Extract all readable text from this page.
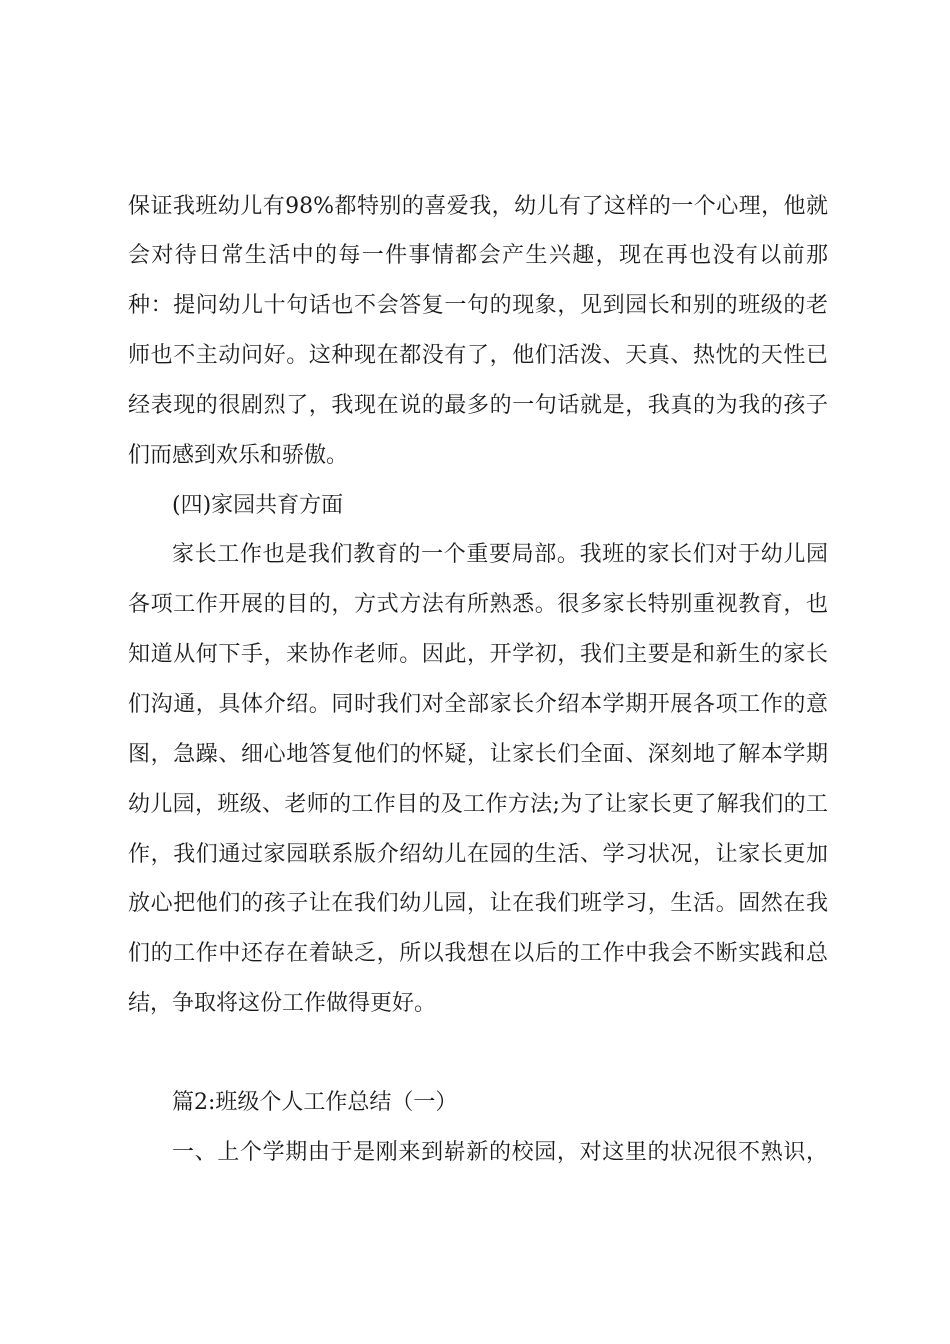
保证我班幼儿有98%都特别的喜爱我，幼儿有了这样的一个心理，他就
会对待日常生活中的每一件事情都会产生兴趣，现在再也没有以前那
种：提问幼儿十句话也不会答复一句的现象，见到园长和别的班级的老
师也不主动问好。这种现在都没有了，他们活泼、天真、热忱的天性已
经表现的很剧烈了，我现在说的最多的一句话就是，我真的为我的孩子
们而感到欢乐和骄傲。
(四)家园共育方面
家长工作也是我们教育的一个重要局部。我班的家长们对于幼儿园
各项工作开展的目的，方式方法有所熟悉。很多家长特别重视教育，也
知道从何下手，来协作老师。因此，开学初，我们主要是和新生的家长
们沟通，具体介绍。同时我们对全部家长介绍本学期开展各项工作的意
图，急躁、细心地答复他们的怀疑，让家长们全面、深刻地了解本学期
幼儿园，班级、老师的工作目的及工作方法;为了让家长更了解我们的工
作，我们通过家园联系版介绍幼儿在园的生活、学习状况，让家长更加
放心把他们的孩子让在我们幼儿园，让在我们班学习，生活。固然在我
们的工作中还存在着缺乏，所以我想在以后的工作中我会不断实践和总
结，争取将这份工作做得更好。
篇2:班级个人工作总结（一）
一、上个学期由于是刚来到崭新的校园，对这里的状况很不熟识，
